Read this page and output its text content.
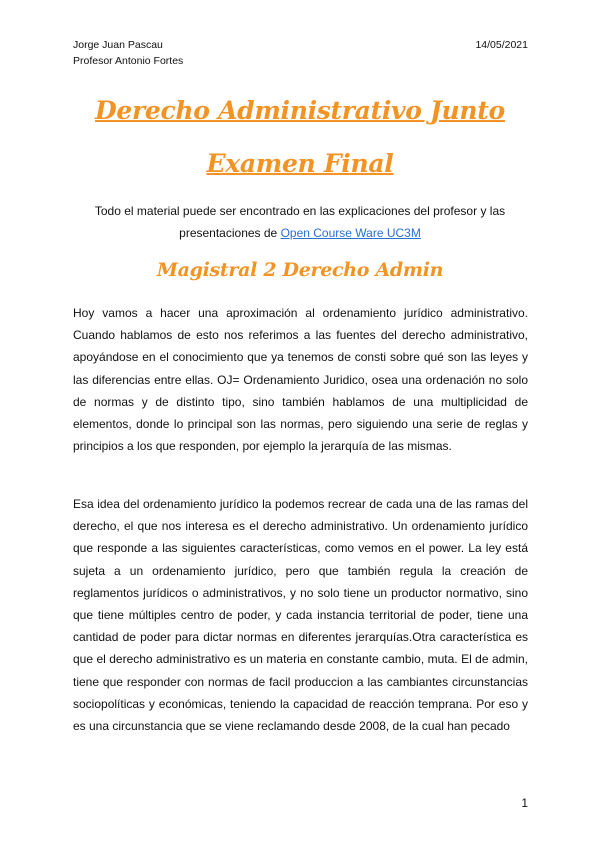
Jorge Juan Pascau
Profesor Antonio Fortes
14/05/2021
Derecho Administrativo Junto Examen Final
Todo el material puede ser encontrado en las explicaciones del profesor y las presentaciones de Open Course Ware UC3M
Magistral 2 Derecho Admin

Hoy vamos a hacer una aproximación al ordenamiento jurídico administrativo. Cuando hablamos de esto nos referimos a las fuentes del derecho administrativo, apoyándose en el conocimiento que ya tenemos de consti sobre qué son las leyes y las diferencias entre ellas. OJ= Ordenamiento Juridico, osea una ordenación no solo de normas y de distinto tipo, sino también hablamos de una multiplicidad de elementos, donde lo principal son las normas, pero siguiendo una serie de reglas y principios a los que responden, por ejemplo la jerarquía de las mismas.

Esa idea del ordenamiento jurídico la podemos recrear de cada una de las ramas del derecho, el que nos interesa es el derecho administrativo. Un ordenamiento jurídico que responde a las siguientes características, como vemos en el power. La ley está sujeta a un ordenamiento jurídico, pero que también regula la creación de reglamentos jurídicos o administrativos, y no solo tiene un productor normativo, sino que tiene múltiples centro de poder, y cada instancia territorial de poder, tiene una cantidad de poder para dictar normas en diferentes jerarquías.Otra característica es que el derecho administrativo es un materia en constante cambio, muta. El de admin, tiene que responder con normas de facil produccion a las cambiantes circunstancias sociopolíticas y económicas, teniendo la capacidad de reacción temprana. Por eso y es una circunstancia que se viene reclamando desde 2008, de la cual han pecado

1
